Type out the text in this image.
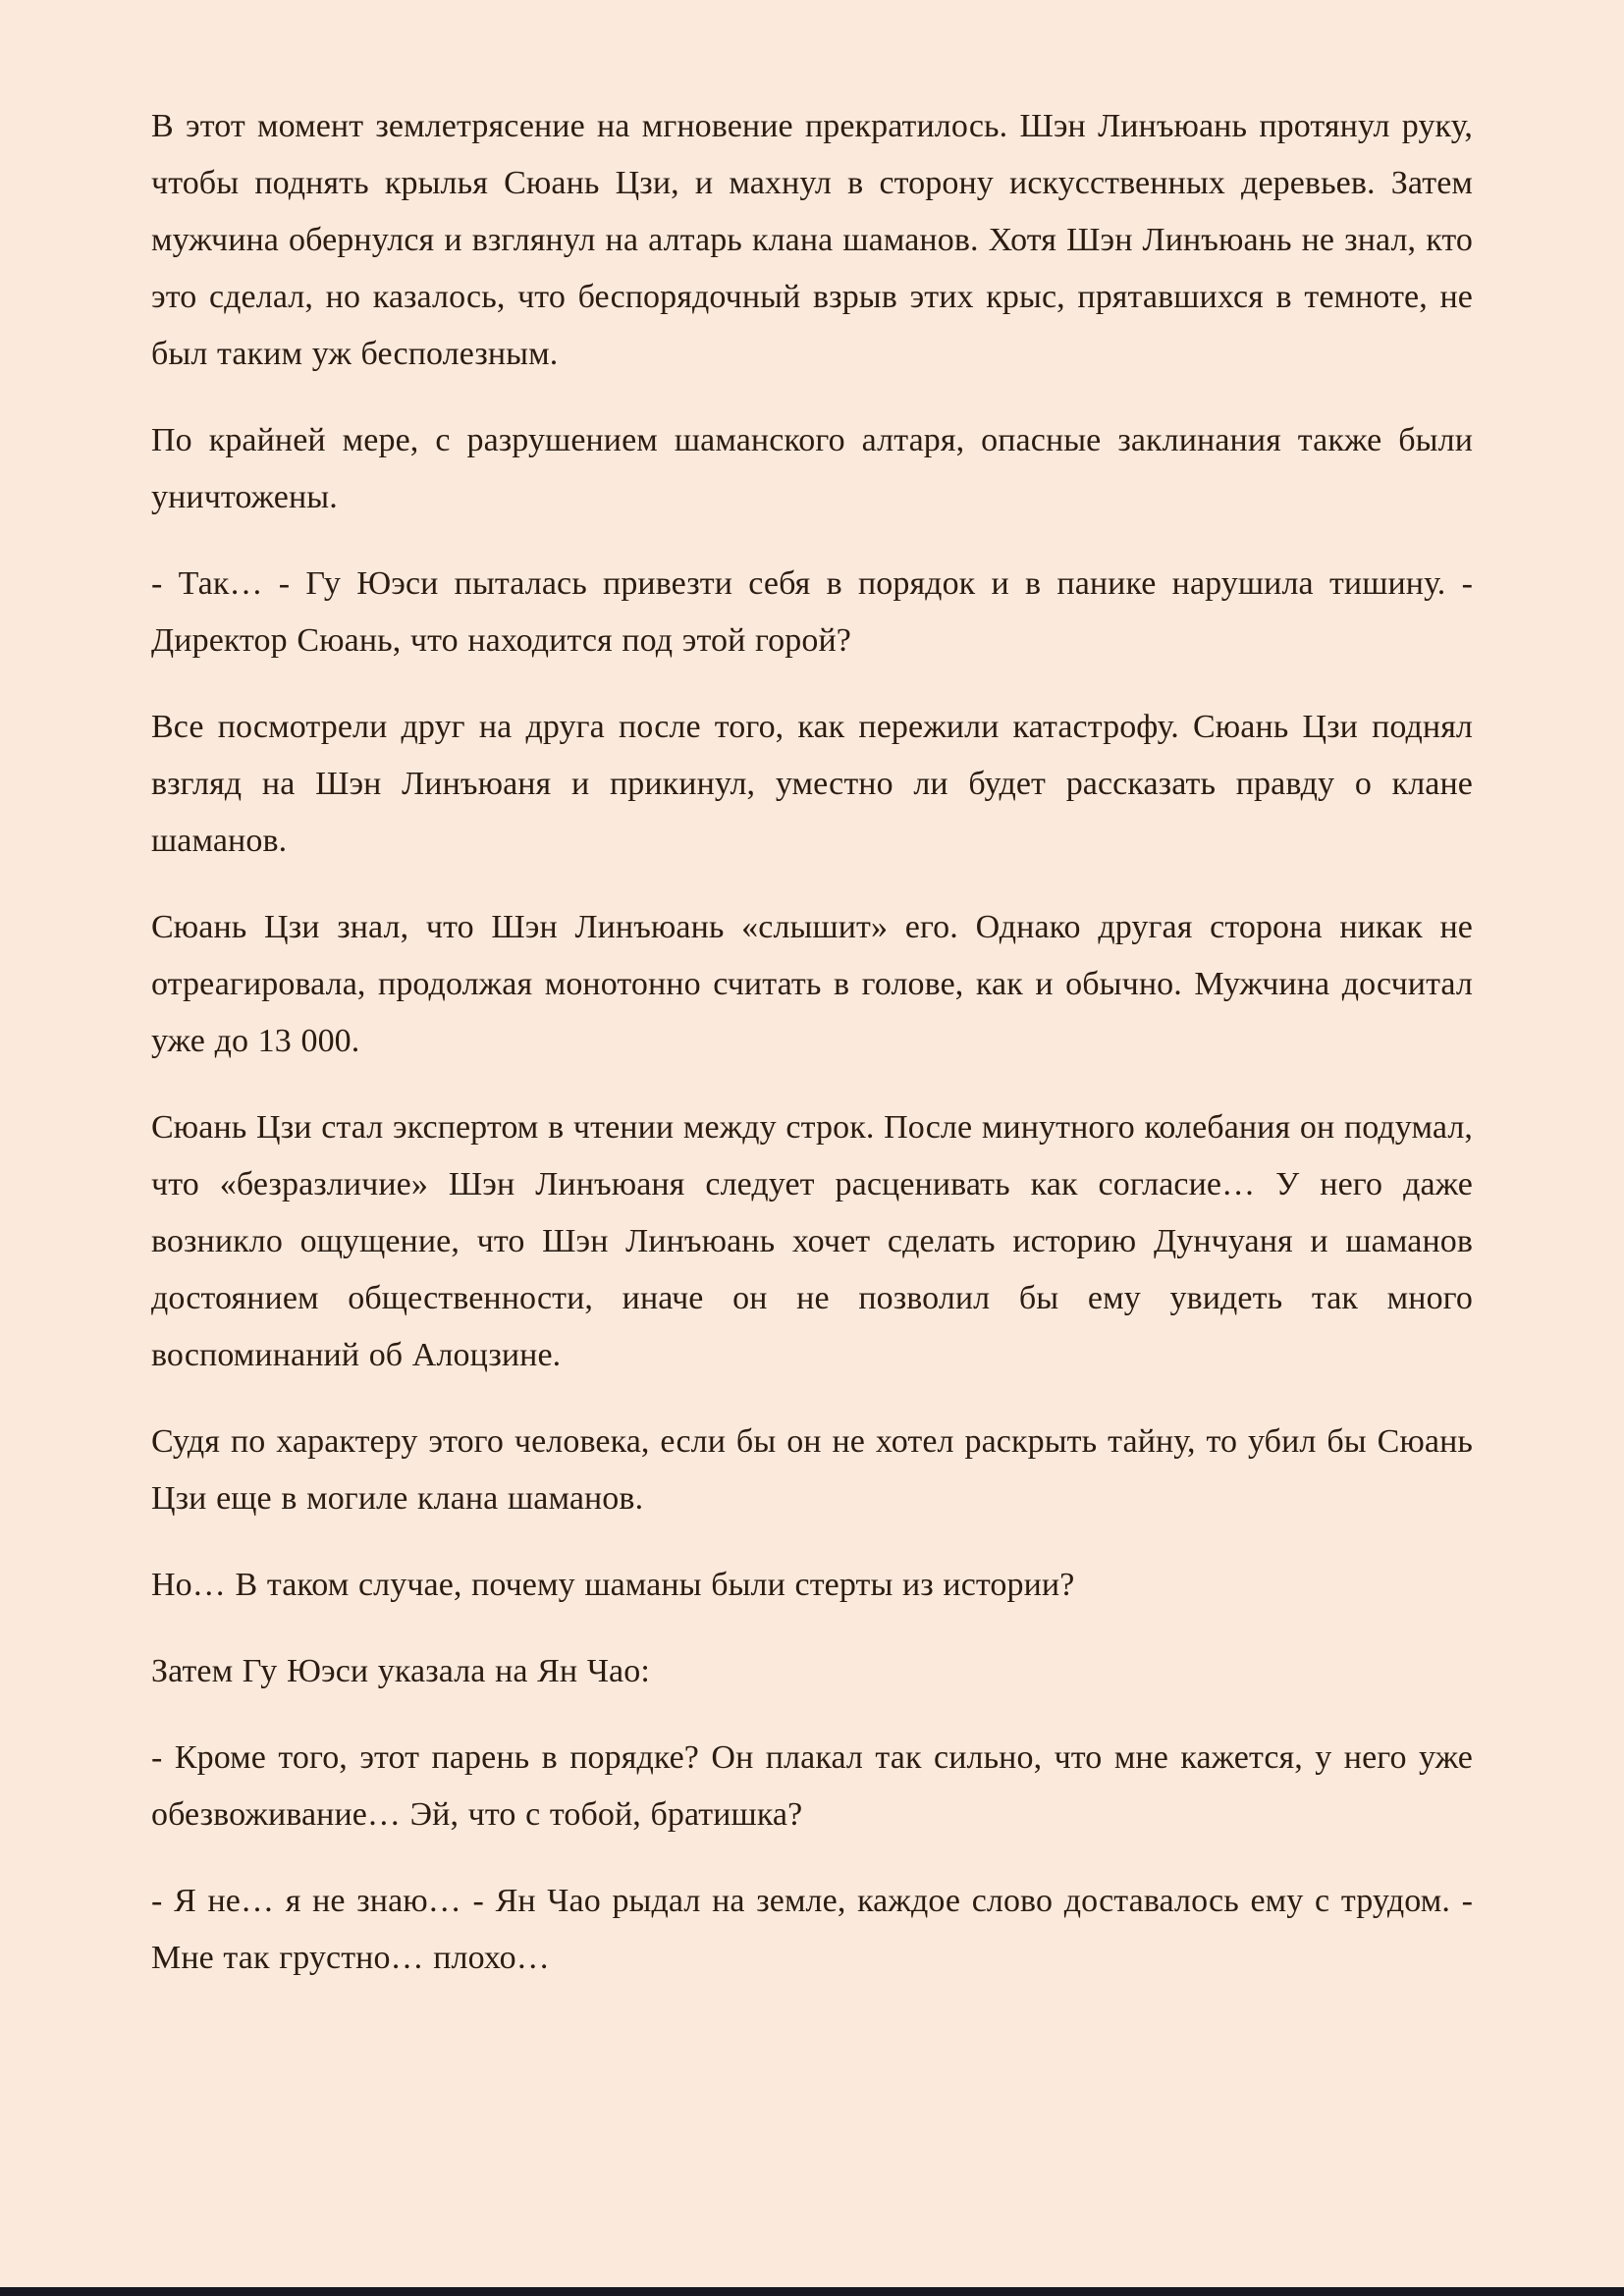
В этот момент землетрясение на мгновение прекратилось. Шэн Линъюань протянул руку, чтобы поднять крылья Сюань Цзи, и махнул в сторону искусственных деревьев. Затем мужчина обернулся и взглянул на алтарь клана шаманов. Хотя Шэн Линъюань не знал, кто это сделал, но казалось, что беспорядочный взрыв этих крыс, прятавшихся в темноте, не был таким уж бесполезным.

По крайней мере, с разрушением шаманского алтаря, опасные заклинания также были уничтожены.

- Так… - Гу Юэси пыталась привезти себя в порядок и в панике нарушила тишину. - Директор Сюань, что находится под этой горой?

Все посмотрели друг на друга после того, как пережили катастрофу. Сюань Цзи поднял взгляд на Шэн Линъюаня и прикинул, уместно ли будет рассказать правду о клане шаманов.

Сюань Цзи знал, что Шэн Линъюань «слышит» его. Однако другая сторона никак не отреагировала, продолжая монотонно считать в голове, как и обычно. Мужчина досчитал уже до 13 000.

Сюань Цзи стал экспертом в чтении между строк. После минутного колебания он подумал, что «безразличие» Шэн Линъюаня следует расценивать как согласие… У него даже возникло ощущение, что Шэн Линъюань хочет сделать историю Дунчуаня и шаманов достоянием общественности, иначе он не позволил бы ему увидеть так много воспоминаний об Алоцзине.

Судя по характеру этого человека, если бы он не хотел раскрыть тайну, то убил бы Сюань Цзи еще в могиле клана шаманов.

Но… В таком случае, почему шаманы были стерты из истории?

Затем Гу Юэси указала на Ян Чао:

- Кроме того, этот парень в порядке? Он плакал так сильно, что мне кажется, у него уже обезвоживание… Эй, что с тобой, братишка?

- Я не… я не знаю… - Ян Чао рыдал на земле, каждое слово доставалось ему с трудом. - Мне так грустно… плохо…
